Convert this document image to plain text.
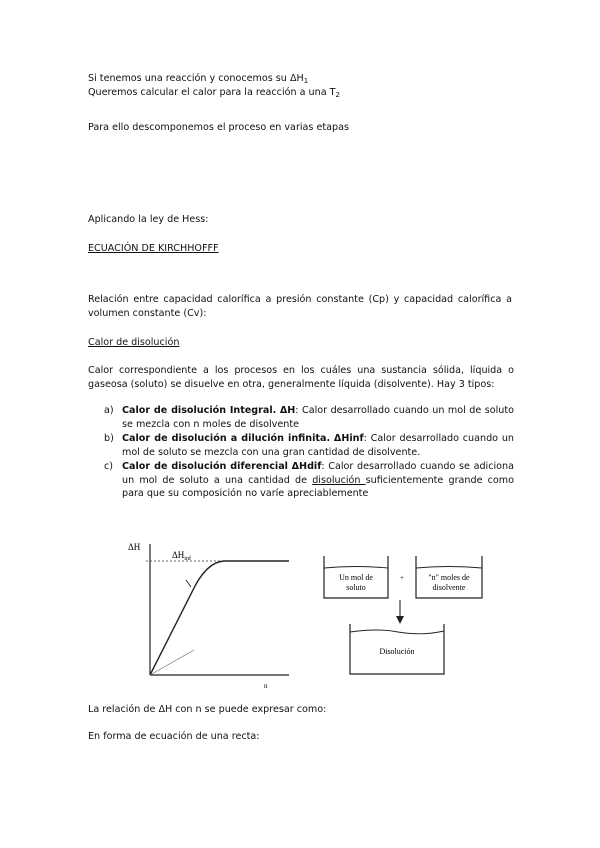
Si tenemos una reacción y conocemos su $\Delta H_1$
Queremos calcular el calor para la reacción a una $T_2$
Para ello descomponemos el proceso en varias etapas
Aplicando la ley de Hess:
ECUACIÓN DE KIRCHHOFFF
Relación entre capacidad calorífica a presión constante (Cp) y capacidad calorífica a volumen constante (Cv):
Calor de disolución
Calor correspondiente a los procesos en los cuáles una sustancia sólida, líquida o gaseosa (soluto) se disuelve en otra, generalmente líquida (disolvente). Hay 3 tipos:
a) Calor de disolución Integral. ΔH: Calor desarrollado cuando un mol de soluto se mezcla con n moles de disolvente
b) Calor de disolución a dilución infinita. ΔHinf: Calor desarrollado cuando un mol de soluto se mezcla con una gran cantidad de disolvente.
c) Calor de disolución diferencial ΔHdif: Calor desarrollado cuando se adiciona un mol de soluto a una cantidad de disolución suficientemente grande como para que su composición no varíe apreciablemente
ΔH
$\Delta H_{inf}$
n
Un mol de
soluto
+	"n" moles de
disolvente
Disolución
La relación de ΔH con n se puede expresar como:
En forma de ecuación de una recta:
